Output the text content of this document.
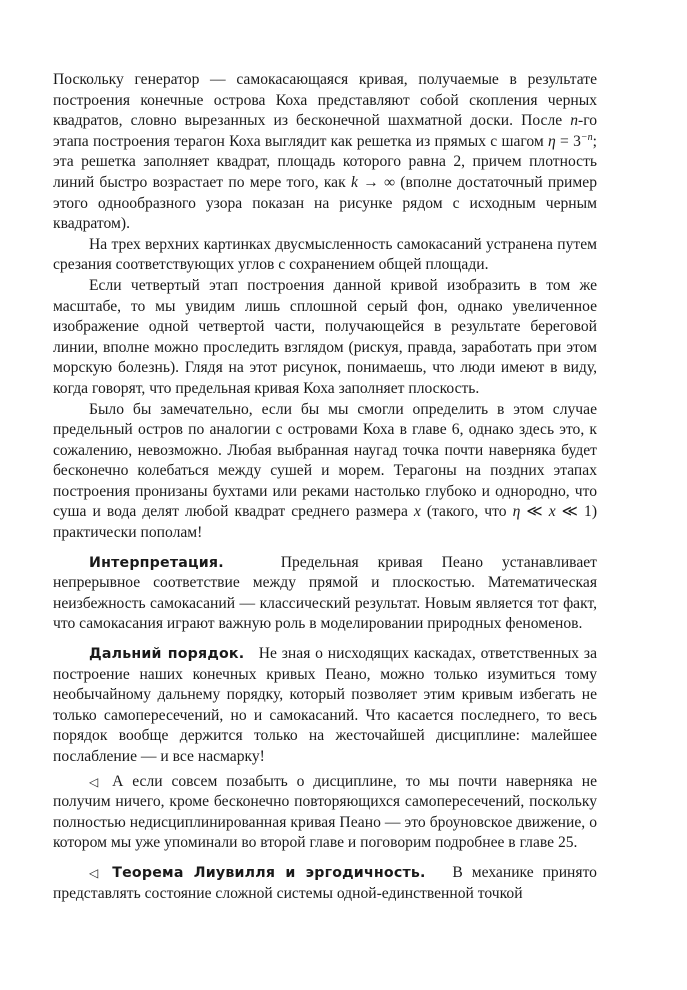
Поскольку генератор — самокасающаяся кривая, получаемые в результате построения конечные острова Коха представляют собой скопления черных квадратов, словно вырезанных из бесконечной шахматной доски. После n-го этапа построения терагон Коха выглядит как решетка из прямых с шагом $\eta = 3^{-n}$; эта решетка заполняет квадрат, площадь которого равна 2, причем плотность линий быстро возрастает по мере того, как k → ∞ (вполне достаточный пример этого однообразного узора показан на рисунке рядом с исходным черным квадратом).

На трех верхних картинках двусмысленность самокасаний устранена путем срезания соответствующих углов с сохранением общей площади.

Если четвертый этап построения данной кривой изобразить в том же масштабе, то мы увидим лишь сплошной серый фон, однако увеличенное изображение одной четвертой части, получающейся в результате береговой линии, вполне можно проследить взглядом (рискуя, правда, заработать при этом морскую болезнь). Глядя на этот рисунок, понимаешь, что люди имеют в виду, когда говорят, что предельная кривая Коха заполняет плоскость.

Было бы замечательно, если бы мы смогли определить в этом случае предельный остров по аналогии с островами Коха в главе 6, однако здесь это, к сожалению, невозможно. Любая выбранная наугад точка почти наверняка будет бесконечно колебаться между сушей и морем. Терагоны на поздних этапах построения пронизаны бухтами или реками настолько глубоко и однородно, что суша и вода делят любой квадрат среднего размера x (такого, что η ≪ x ≪ 1) практически пополам!

Интерпретация.	Предельная кривая Пеано устанавливает непрерывное соответствие между прямой и плоскостью. Математическая неизбежность самокасаний — классический результат. Новым является тот факт, что самокасания играют важную роль в моделировании природных феноменов.

Дальний порядок. Не зная о нисходящих каскадах, ответственных за построение наших конечных кривых Пеано, можно только изумиться тому необычайному дальнему порядку, который позволяет этим кривым избегать не только самопересечений, но и самокасаний. Что касается последнего, то весь порядок вообще держится только на жесточайшей дисциплине: малейшее послабление — и все насмарку!

◁ А если совсем позабыть о дисциплине, то мы почти наверняка не получим ничего, кроме бесконечно повторяющихся самопересечений, поскольку полностью недисциплинированная кривая Пеано — это броуновское движение, о котором мы уже упоминали во второй главе и поговорим подробнее в главе 25.

◁ Теорема Лиувилля и эргодичность. В механике принято представлять состояние сложной системы одной-единственной точкой
